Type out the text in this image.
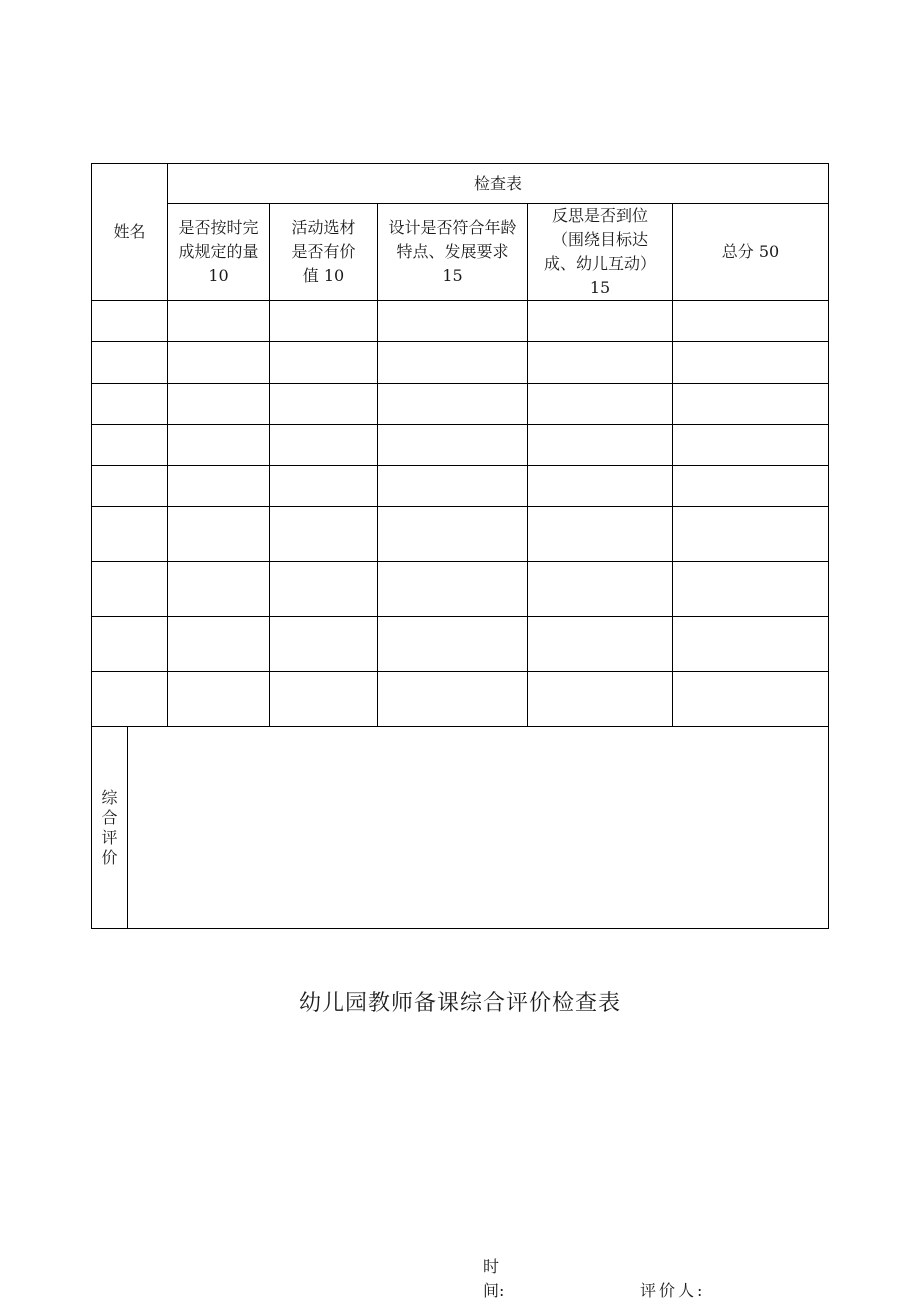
姓名
检查表
是否按时完
成规定的量
10
活动选材
是否有价
值 10
设计是否符合年龄
特点、发展要求
15
反思是否到位
（围绕目标达
成、幼儿互动）
15
总分 50
综
合
评
价
幼儿园教师备课综合评价检查表
时
间:	评价人:
